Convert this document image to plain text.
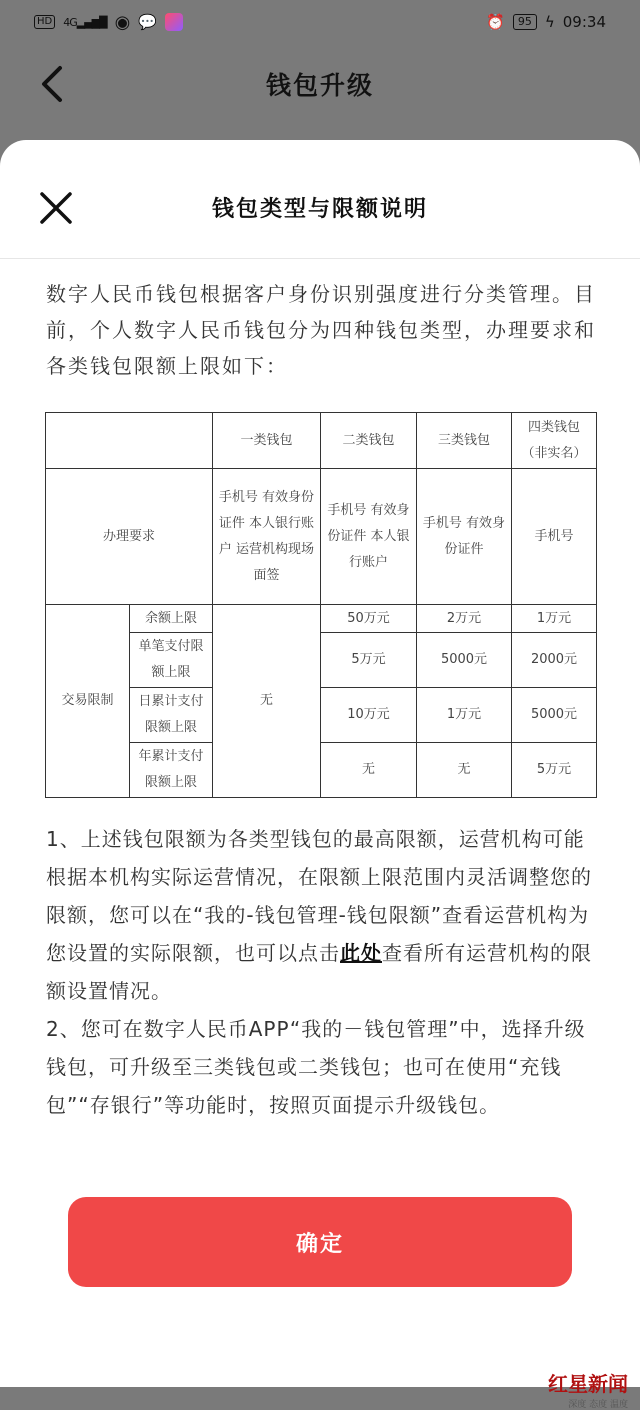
HD 4G▂▄▆█ ◉ 💬	⏰	95 ϟ 09:34
钱包升级
钱包类型与限额说明
数字人民币钱包根据客户身份识别强度进行分类管理。目前，个人数字人民币钱包分为四种钱包类型，办理要求和各类钱包限额上限如下：
		一类钱包	二类钱包	三类钱包	四类钱包（非实名）
办理要求		手机号 有效身份证件 本人银行账户 运营机构现场面签	手机号 有效身份证件 本人银行账户	手机号 有效身份证件	手机号
交易限制	余额上限	无	50万元	2万元	1万元
	单笔支付限额上限		5万元	5000元	2000元
	日累计支付限额上限		10万元	1万元	5000元
	年累计支付限额上限		无	无	5万元
1、上述钱包限额为各类型钱包的最高限额，运营机构可能根据本机构实际运营情况，在限额上限范围内灵活调整您的限额，您可以在“我的-钱包管理-钱包限额”查看运营机构为您设置的实际限额，也可以点击此处查看所有运营机构的限额设置情况。
2、您可在数字人民币APP“我的－钱包管理”中，选择升级钱包，可升级至三类钱包或二类钱包；也可在使用“充钱包”“存银行”等功能时，按照页面提示升级钱包。
确定
红星新闻
深度 态度 温度
